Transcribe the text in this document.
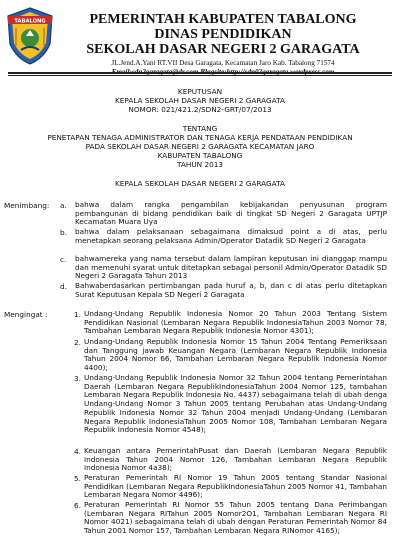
TABALONG	PEMERINTAH KABUPATEN TABALONG
DINAS PENDIDIKAN
SEKOLAH DASAR NEGERI 2 GARAGATA
JL.Jend.A.Yani RT.VII Desa Garagata, Kecamatan Jaro Kab. Tabalong 71574
KEPUTUSAN
KEPALA SEKOLAH DASAR NEGERI 2 GARAGATA
NOMOR: 021/421.2/SDN2-GRT/07/2013
TENTANG
PENETAPAN TENAGA ADMINISTRATOR DAN TENAGA KERJA PENDATAAN PENDIDIKAN
PADA SEKOLAH DASAR NEGERI 2 GARAGATA KECAMATAN JARO
KABUPATEN TABALONG
TAHUN 2013
KEPALA SEKOLAH DASAR NEGERI 2 GARAGATA
Menimbang: a. bahwa dalam rangka pengambilan kebijakandan penyusunan program pembangunan di bidang pendidikan baik di tingkat SD Negeri 2 Garagata UPTJP Kecamatan Muara Uya
b. bahwa dalam pelaksanaan sebagaimana dimaksud point a di atas, perlu menetapkan seorang pelaksana Admin/Operator Datadik SD Negeri 2 Garagata
c. bahwamereka yang nama tersebut dalam lampiran keputusan ini dianggap mampu dan memenuhi syarat untuk ditetapkan sebagai personil Admin/Operator Datadik SD Negeri 2 Garagata Tahun 2013
d. Bahwaberdasarkan pertimbangan pada huruf a, b, dan c di atas perlu ditetapkan Surat Keputusan Kepala SD Negeri 2 Garagata
Mengingat :	1. Undang-Undang Republik Indonesia Nomor 20 Tahun 2003 Tentang Sistem Pendidikan Nasional (Lembaran Negara Republik IndonesiaTahun 2003 Nomor 78, Tambahan Lembaran Negara Republik Indonesia Nomor 4301);
2. Undang-Undang Republik Indonesia Nomor 15 Tahun 2004 Tentang Pemeriksaan dan Tanggung jawab Keuangan Negara (Lembaran Negara Republik Indonesia Tahun 2004 Nomor 66, Tambahan Lembaran Negara Republik Indonesia Nomor 4400);
3. Undang-Undang Republik Indonesia Nomor 32 Tahun 2004 tentang Pemerintahan Daerah (Lembaran Negara RepublikIndonesiaTahun 2004 Nomor 125, tambahan Lembaran Negara Republik Indonesia No. 4437) sebagaimana telah di ubah denga Undang-Undang Nomor 3 Tahun 2005 tentang Perubahan atas Undang-Undang Republik Indonesia Nomor 32 Tahun 2004 menjadi Undang-Undang (Lembaran Negara Republik IndonesiaTahun 2005 Nomor 108, Tambahan Lembaran Negara Republik Indonesia Nomor 4548);
4. Keuangan antara PemerintahPusat dan Daerah (Lembaran Negara Republik Indonesia Tahun 2004 Nomor 126, Tambahan Lembaran Negara Republik Indonesia Nomor 4a38);
5. Peraturan Pemerintah RI Nomor 19 Tahun 2005 tentang Standar Nasional Pendidikan (Lembaran Negara RepublikIndonesiaTahun 2005 Nomor 41, Tambahan Lembaran Negara Nomor 4496);
6. Peraturan Pemerintah RI Nomor 55 Tahun 2005 tentang Dana Perimbangan (Lembaran Negara RITahun 2005 Nomor2O1, Tambahan Lembaran Negara RI Nomor 4021) sebagaimana telah di ubah dengan Peraturan Pemerintah Nomor 84 Tahun 2001 Nomor 157, Tambahan Lembaran Negara RINomor 4165);
